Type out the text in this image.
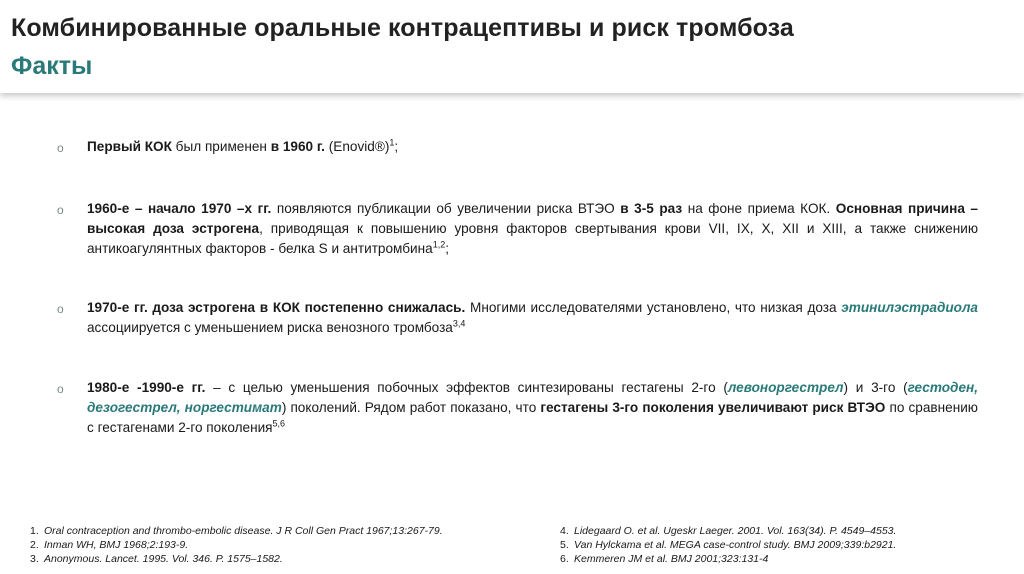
Комбинированные оральные контрацептивы и риск тромбоза
Факты
o Первый КОК был применен в 1960 г. (Enovid®)$^1$;
o 1960-е – начало 1970 –х гг. появляются публикации об увеличении риска ВТЭО в 3-5 раз на фоне приема КОК. Основная причина – высокая доза эстрогена, приводящая к повышению уровня факторов свертывания крови VII, IX, X, XII и XIII, а также снижению антикоагулянтных факторов - белка S и антитромбина$^{1,2}$;
o 1970-е гг. доза эстрогена в КОК постепенно снижалась. Многими исследователями установлено, что низкая доза этинилэстрадиола ассоциируется с уменьшением риска венозного тромбоза$^{3,4}$
o 1980-е -1990-е гг. – с целью уменьшения побочных эффектов синтезированы гестагены 2-го (левоноргестрел) и 3-го (гестоден, дезогестрел, норгестимат) поколений. Рядом работ показано, что гестагены 3-го поколения увеличивают риск ВТЭО по сравнению с гестагенами 2-го поколения$^{5,6}$
1. Oral contraception and thrombo-embolic disease. J R Coll Gen Pract 1967;13:267-79.
2. Inman WH, BMJ 1968;2:193-9.
3. Anonymous. Lancet. 1995. Vol. 346. P. 1575–1582.
4. Lidegaard O. et al. Ugeskr Laeger. 2001. Vol. 163(34). P. 4549–4553.
5. Van Hylckama et al. MEGA case-control study. BMJ 2009;339:b2921.
6. Kemmeren JM et al. BMJ 2001;323:131-4
